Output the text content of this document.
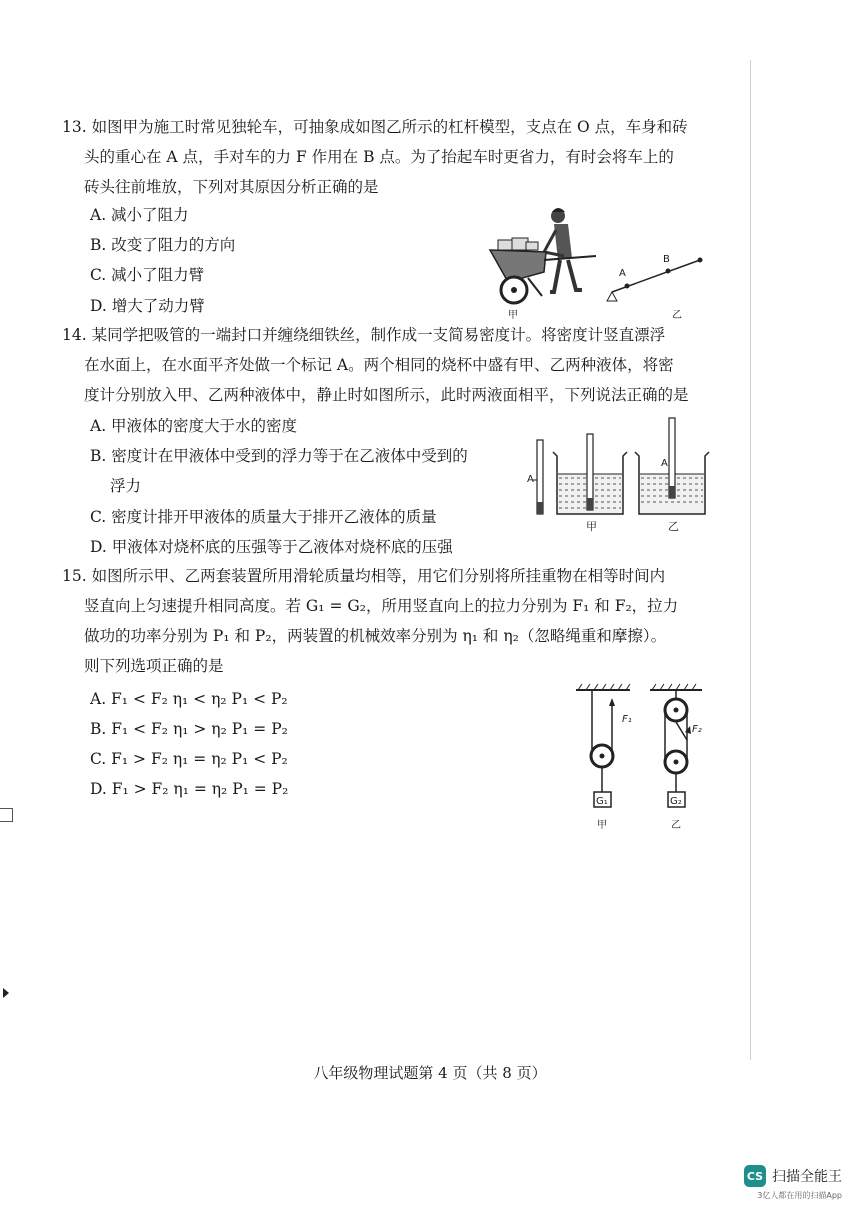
13. 如图甲为施工时常见独轮车，可抽象成如图乙所示的杠杆模型，支点在 O 点，车身和砖
头的重心在 A 点，手对车的力 F 作用在 B 点。为了抬起车时更省力，有时会将车上的
砖头往前堆放，下列对其原因分析正确的是
A. 减小了阻力
B. 改变了阻力的方向
C. 减小了阻力臂
D. 增大了动力臂
A
B
甲	乙
14. 某同学把吸管的一端封口并缠绕细铁丝，制作成一支简易密度计。将密度计竖直漂浮
在水面上，在水面平齐处做一个标记 A。两个相同的烧杯中盛有甲、乙两种液体，将密
度计分别放入甲、乙两种液体中，静止时如图所示，此时两液面相平，下列说法正确的是
A. 甲液体的密度大于水的密度
B. 密度计在甲液体中受到的浮力等于在乙液体中受到的
浮力
C. 密度计排开甲液体的质量大于排开乙液体的质量
D. 甲液体对烧杯底的压强等于乙液体对烧杯底的压强
A
A
甲	乙
15. 如图所示甲、乙两套装置所用滑轮质量均相等，用它们分别将所挂重物在相等时间内
竖直向上匀速提升相同高度。若 G₁ = G₂，所用竖直向上的拉力分别为 F₁ 和 F₂，拉力
做功的功率分别为 P₁ 和 P₂，两装置的机械效率分别为 η₁ 和 η₂（忽略绳重和摩擦）。
则下列选项正确的是
A. F₁ < F₂ η₁ < η₂ P₁ < P₂
B. F₁ < F₂ η₁ > η₂ P₁ = P₂
C. F₁ > F₂ η₁ = η₂ P₁ < P₂
D. F₁ > F₂ η₁ = η₂ P₁ = P₂
F₁
F₂
G₁	G₂
甲	乙
八年级物理试题第 4 页（共 8 页）
CS 扫描全能王
3亿人都在用的扫描App
